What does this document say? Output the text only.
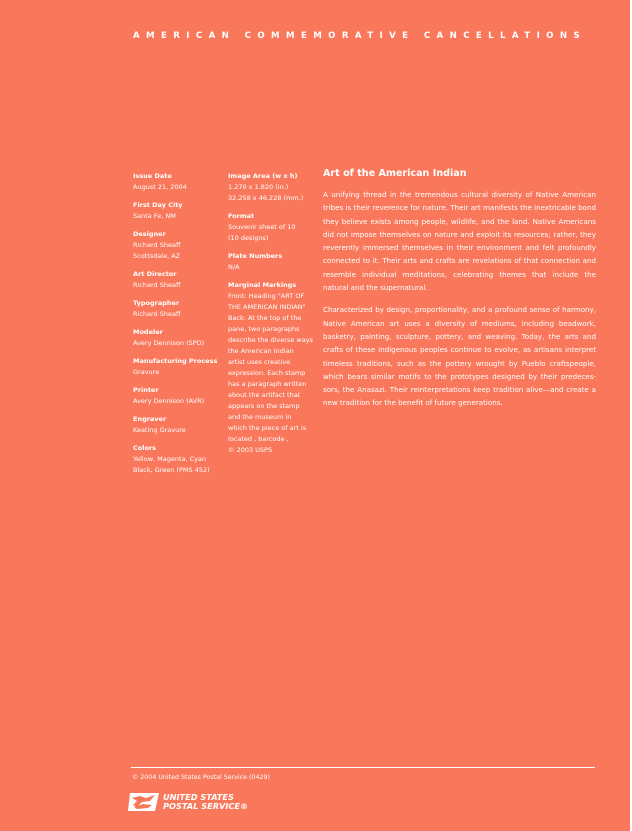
AMERICAN COMMEMORATIVE CANCELLATIONS
Issue Date
August 21, 2004
First Day City
Santa Fe, NM
Designer
Richard Sheaff
Scottsdale, AZ
Art Director
Richard Sheaff
Typographer
Richard Sheaff
Modeler
Avery Dennison (SPD)
Manufacturing Process
Gravure
Printer
Avery Dennison (AVR)
Engraver
Keating Gravure
Colors
Yellow, Magenta, Cyan
Black, Green (PMS 452)
Image Area (w x h)
1.270 x 1.820 (in.)
32.258 x 46.228 (mm.)
Format
Souvenir sheet of 10
(10 designs)
Plate Numbers
N/A
Marginal Markings
Front: Heading "ART OF
THE AMERICAN INDIAN"
Back: At the top of the
pane, two paragraphs
describe the diverse ways
the American Indian
artist uses creative
expression. Each stamp
has a paragraph written
about the artifact that
appears on the stamp
and the museum in
which the piece of art is
located , barcode ,
© 2003 USPS
Art of the American Indian

A unifying thread in the tremendous cultural diversity of Native American tribes is their reverence for nature. Their art manifests the inextricable bond they believe exists among people, wildlife, and the land. Native Americans did not impose themselves on nature and exploit its resources; rather, they reverently immersed themselves in their environment and felt profoundly connected to it. Their arts and crafts are revelations of that connection and resemble individual meditations, celebrating themes that include the natural and the supernatural.

Characterized by design, proportionality, and a profound sense of harmony, Native American art uses a diversity of mediums, including beadwork, basketry, painting, sculpture, pottery, and weaving. Today, the arts and crafts of these indigenous peoples continue to evolve, as artisans interpret timeless traditions, such as the pottery wrought by Pueblo craftspeople, which bears similar motifs to the prototypes designed by their predeces-sors, the Anasazi. Their reinterpretations keep tradition alive—and create a new tradition for the benefit of future generations.

© 2004 United States Postal Service (0429)
UNITED STATES
POSTAL SERVICE®
